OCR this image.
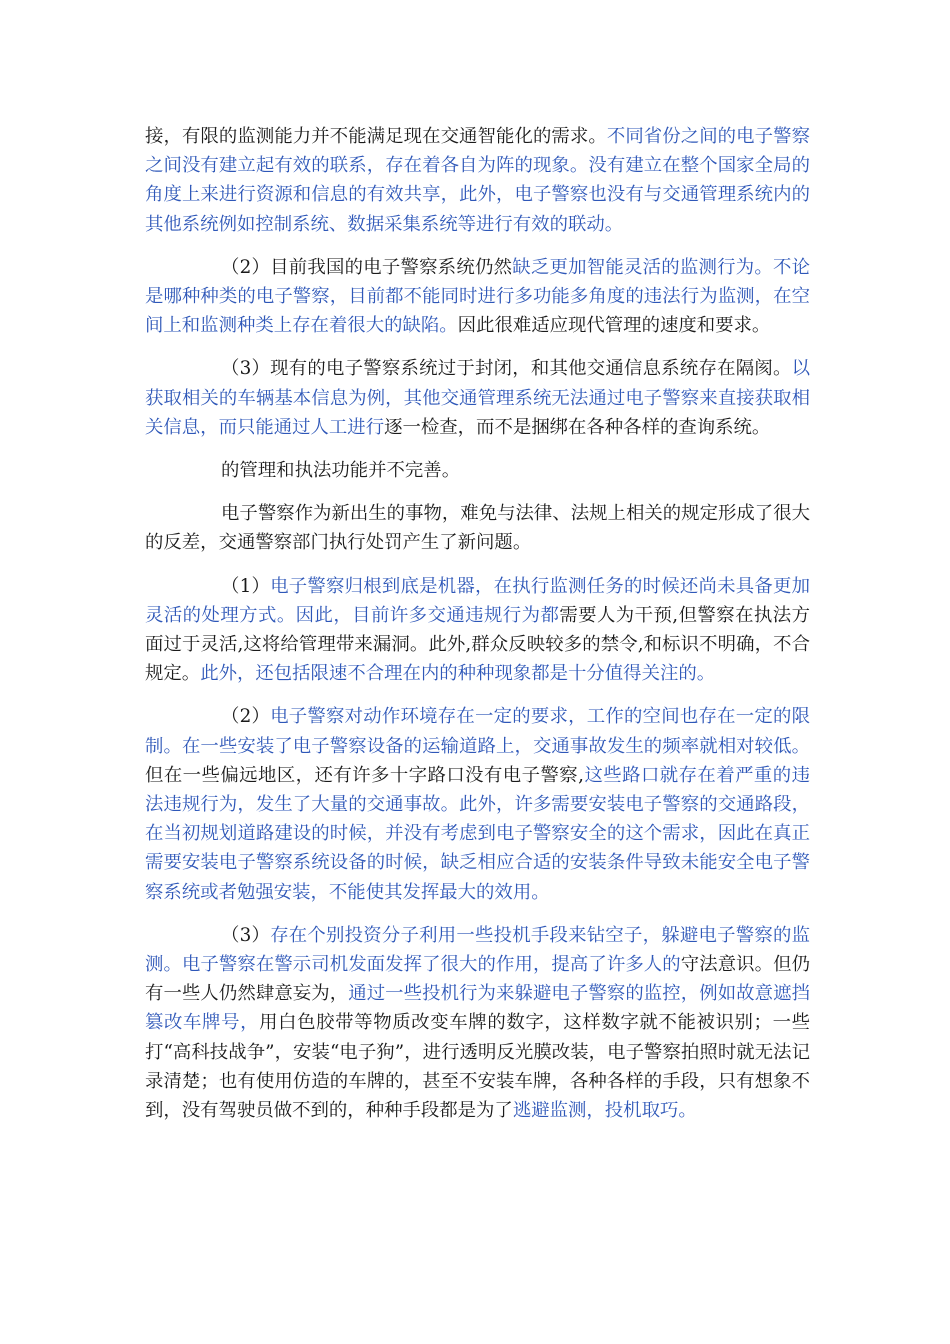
接，有限的监测能力并不能满足现在交通智能化的需求。不同省份之间的电子警察之间没有建立起有效的联系，存在着各自为阵的现象。没有建立在整个国家全局的角度上来进行资源和信息的有效共享，此外，电子警察也没有与交通管理系统内的其他系统例如控制系统、数据采集系统等进行有效的联动。

（2）目前我国的电子警察系统仍然缺乏更加智能灵活的监测行为。不论是哪种种类的电子警察，目前都不能同时进行多功能多角度的违法行为监测，在空间上和监测种类上存在着很大的缺陷。因此很难适应现代管理的速度和要求。

（3）现有的电子警察系统过于封闭，和其他交通信息系统存在隔阂。以获取相关的车辆基本信息为例，其他交通管理系统无法通过电子警察来直接获取相关信息，而只能通过人工进行逐一检查，而不是捆绑在各种各样的查询系统。

的管理和执法功能并不完善。

电子警察作为新出生的事物，难免与法律、法规上相关的规定形成了很大的反差，交通警察部门执行处罚产生了新问题。

（1）电子警察归根到底是机器，在执行监测任务的时候还尚未具备更加灵活的处理方式。因此，目前许多交通违规行为都需要人为干预,但警察在执法方面过于灵活,这将给管理带来漏洞。此外,群众反映较多的禁令,和标识不明确，不合规定。此外，还包括限速不合理在内的种种现象都是十分值得关注的。

（2）电子警察对动作环境存在一定的要求，工作的空间也存在一定的限制。在一些安装了电子警察设备的运输道路上，交通事故发生的频率就相对较低。但在一些偏远地区，还有许多十字路口没有电子警察,这些路口就存在着严重的违法违规行为，发生了大量的交通事故。此外，许多需要安装电子警察的交通路段，在当初规划道路建设的时候，并没有考虑到电子警察安全的这个需求，因此在真正需要安装电子警察系统设备的时候，缺乏相应合适的安装条件导致未能安全电子警察系统或者勉强安装，不能使其发挥最大的效用。

（3）存在个别投资分子利用一些投机手段来钻空子，躲避电子警察的监测。电子警察在警示司机发面发挥了很大的作用，提高了许多人的守法意识。但仍有一些人仍然肆意妄为，通过一些投机行为来躲避电子警察的监控，例如故意遮挡篡改车牌号，用白色胶带等物质改变车牌的数字，这样数字就不能被识别；一些打“高科技战争”，安装“电子狗”，进行透明反光膜改装，电子警察拍照时就无法记录清楚；也有使用仿造的车牌的，甚至不安装车牌，各种各样的手段，只有想象不到，没有驾驶员做不到的，种种手段都是为了逃避监测，投机取巧。
